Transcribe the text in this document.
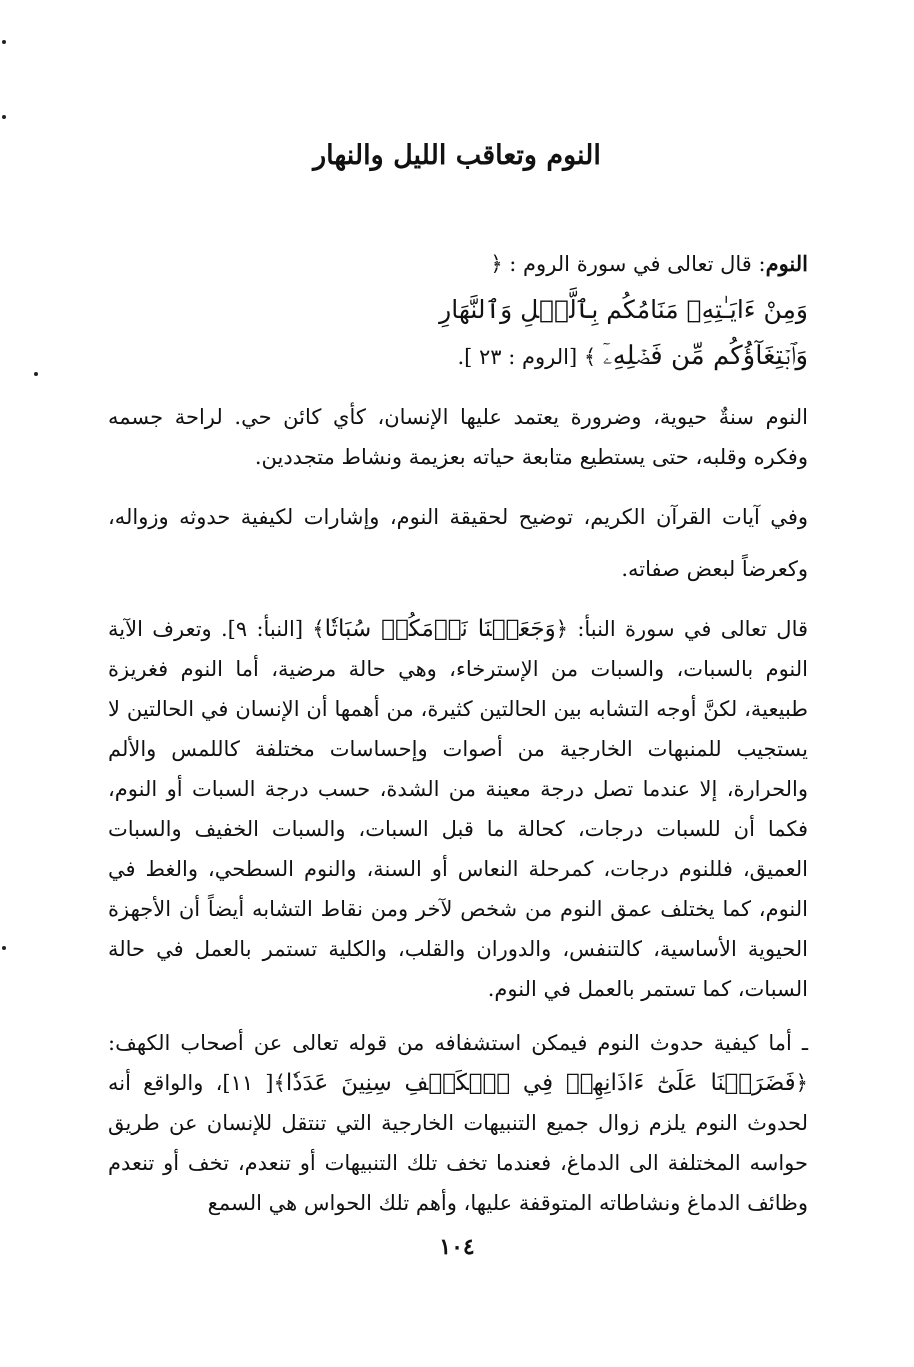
النوم وتعاقب الليل والنهار

النوم: قال تعالى في سورة الروم : ﴿
وَمِنْ ءَايَـٰتِهِۦ مَنَامُكُم بِٱلَّيۡلِ وَٱلنَّهَارِ
وَٱبۡتِغَآؤُكُم مِّن فَضۡلِهِۦٓ ﴾ [الروم : ٢٣ ].

النوم سنةٌ حيوية، وضرورة يعتمد عليها الإنسان، كأي كائن حي. لراحة جسمه وفكره وقلبه، حتى يستطيع متابعة حياته بعزيمة ونشاط متجددين.

وفي آيات القرآن الكريم، توضيح لحقيقة النوم، وإشارات لكيفية حدوثه وزواله، وكعرضاً لبعض صفاته.

قال تعالى في سورة النبأ: ﴿وَجَعَلۡنَا نَوۡمَكُمۡ سُبَاتٗا﴾ [النبأ: ٩]. وتعرف الآية النوم بالسبات، والسبات من الإسترخاء، وهي حالة مرضية، أما النوم فغريزة طبيعية، لكنَّ أوجه التشابه بين الحالتين كثيرة، من أهمها أن الإنسان في الحالتين لا يستجيب للمنبهات الخارجية من أصوات وإحساسات مختلفة كاللمس والألم والحرارة، إلا عندما تصل درجة معينة من الشدة، حسب درجة السبات أو النوم، فكما أن للسبات درجات، كحالة ما قبل السبات، والسبات الخفيف والسبات العميق، فللنوم درجات، كمرحلة النعاس أو السنة، والنوم السطحي، والغط في النوم، كما يختلف عمق النوم من شخص لآخر ومن نقاط التشابه أيضاً أن الأجهزة الحيوية الأساسية، كالتنفس، والدوران والقلب، والكلية تستمر بالعمل في حالة السبات، كما تستمر بالعمل في النوم.

ـ أما كيفية حدوث النوم فيمكن استشفافه من قوله تعالى عن أصحاب الكهف: ﴿فَضَرَبۡنَا عَلَىٰٓ ءَاذَانِهِمۡ فِي ٱلۡكَهۡفِ سِنِينَ عَدَدٗا﴾[ ١١]، والواقع أنه لحدوث النوم يلزم زوال جميع التنبيهات الخارجية التي تنتقل للإنسان عن طريق حواسه المختلفة الى الدماغ، فعندما تخف تلك التنبيهات أو تنعدم، تخف أو تنعدم وظائف الدماغ ونشاطاته المتوقفة عليها، وأهم تلك الحواس هي السمع

١٠٤
